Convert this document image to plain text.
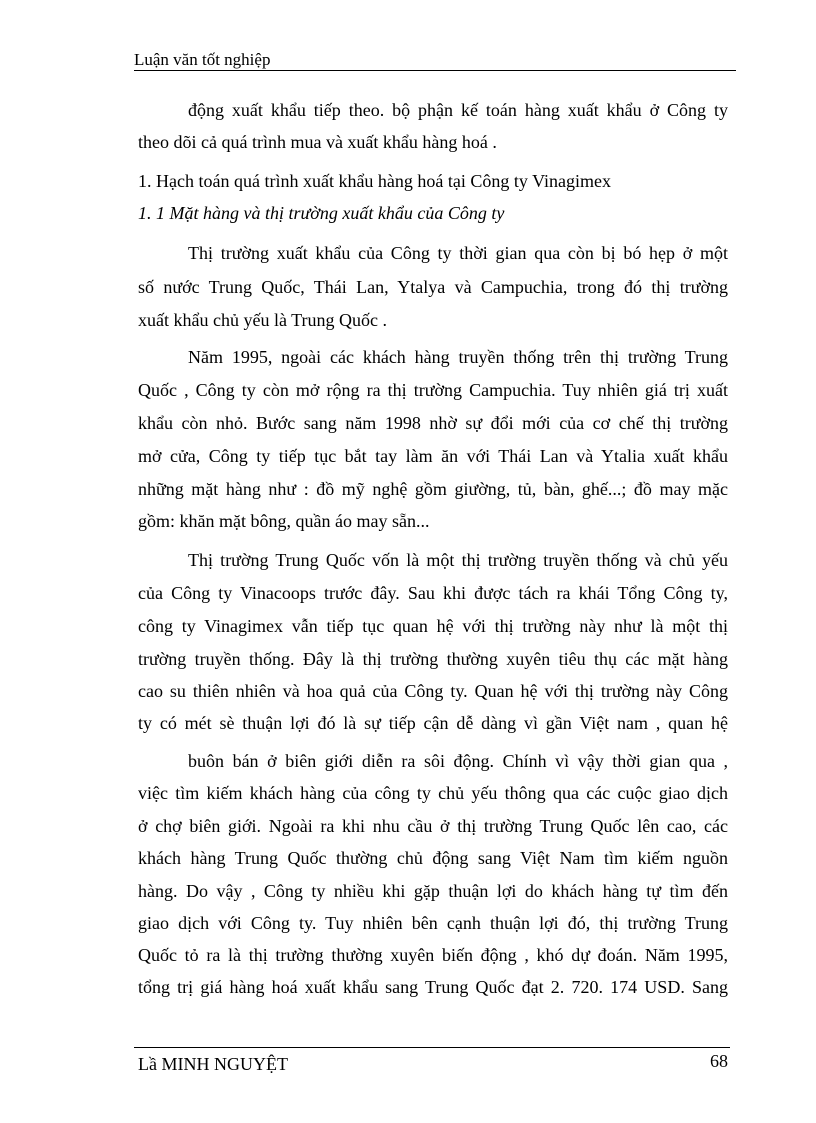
Luận văn tốt nghiệp
động xuất khẩu tiếp theo. bộ phận kế toán hàng xuất khẩu ở Công ty
theo dõi cả quá trình mua và xuất khẩu hàng hoá .
1. Hạch toán quá trình xuất khẩu hàng hoá tại Công ty Vinagimex
1. 1 Mặt hàng và thị trường xuất khẩu của Công ty
Thị trường xuất khẩu của Công ty thời gian qua còn bị bó hẹp ở một
số nước Trung Quốc, Thái Lan, Ytalya và Campuchia, trong đó thị trường
xuất khẩu chủ yếu là Trung Quốc .
Năm 1995, ngoài các khách hàng truyền thống trên thị trường Trung
Quốc , Công ty còn mở rộng ra thị trường Campuchia. Tuy nhiên giá trị xuất
khẩu còn nhỏ. Bước sang năm 1998 nhờ sự đổi mới của cơ chế thị trường
mở cửa, Công ty tiếp tục bắt tay làm ăn với Thái Lan và Ytalia xuất khẩu
những mặt hàng như : đồ mỹ nghệ gồm giường, tủ, bàn, ghế...; đồ may mặc
gồm: khăn mặt bông, quần áo may sẵn...
Thị trường Trung Quốc vốn là một thị trường truyền thống và chủ yếu
của Công ty Vinacoops trước đây. Sau khi được tách ra khái Tổng Công ty,
công ty Vinagimex vẫn tiếp tục quan hệ với thị trường này như là một thị
trường truyền thống. Đây là thị trường thường xuyên tiêu thụ các mặt hàng
cao su thiên nhiên và hoa quả của Công ty. Quan hệ với thị trường này Công
ty có mét sè thuận lợi đó là sự tiếp cận dễ dàng vì gần Việt nam , quan hệ
buôn bán ở biên giới diễn ra sôi động. Chính vì vậy thời gian qua ,
việc tìm kiếm khách hàng của công ty chủ yếu thông qua các cuộc giao dịch
ở chợ biên giới. Ngoài ra khi nhu cầu ở thị trường Trung Quốc lên cao, các
khách hàng Trung Quốc thường chủ động sang Việt Nam tìm kiếm nguồn
hàng. Do vậy , Công ty nhiều khi gặp thuận lợi do khách hàng tự tìm đến
giao dịch với Công ty. Tuy nhiên bên cạnh thuận lợi đó, thị trường Trung
Quốc tỏ ra là thị trường thường xuyên biến động , khó dự đoán. Năm 1995,
tổng trị giá hàng hoá xuất khẩu sang Trung Quốc đạt 2. 720. 174 USD. Sang
Lầ MINH NGUYỆT	68
